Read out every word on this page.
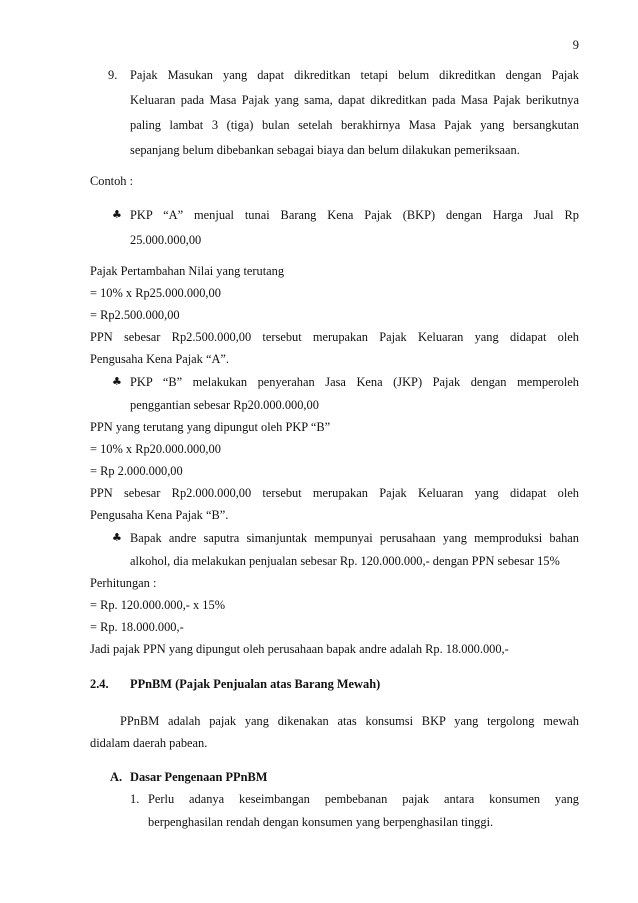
9
9. Pajak Masukan yang dapat dikreditkan tetapi belum dikreditkan dengan Pajak
Keluaran pada Masa Pajak yang sama, dapat dikreditkan pada Masa Pajak berikutnya
paling lambat 3 (tiga) bulan setelah berakhirnya Masa Pajak yang bersangkutan
sepanjang belum dibebankan sebagai biaya dan belum dilakukan pemeriksaan.
Contoh :
♣ PKP “A” menjual tunai Barang Kena Pajak (BKP) dengan Harga Jual Rp
25.000.000,00
Pajak Pertambahan Nilai yang terutang
= 10% x Rp25.000.000,00
= Rp2.500.000,00
PPN sebesar Rp2.500.000,00 tersebut merupakan Pajak Keluaran yang didapat oleh
Pengusaha Kena Pajak “A”.
♣ PKP “B” melakukan penyerahan Jasa Kena (JKP) Pajak dengan memperoleh
penggantian sebesar Rp20.000.000,00
PPN yang terutang yang dipungut oleh PKP “B”
= 10% x Rp20.000.000,00
= Rp 2.000.000,00
PPN sebesar Rp2.000.000,00 tersebut merupakan Pajak Keluaran yang didapat oleh
Pengusaha Kena Pajak “B”.
♣ Bapak andre saputra simanjuntak mempunyai perusahaan yang memproduksi bahan
alkohol, dia melakukan penjualan sebesar Rp. 120.000.000,- dengan PPN sebesar 15%
Perhitungan :
= Rp. 120.000.000,- x 15%
= Rp. 18.000.000,-
Jadi pajak PPN yang dipungut oleh perusahaan bapak andre adalah Rp. 18.000.000,-
2.4. PPnBM (Pajak Penjualan atas Barang Mewah)
PPnBM adalah pajak yang dikenakan atas konsumsi BKP yang tergolong mewah
didalam daerah pabean.
A. Dasar Pengenaan PPnBM
1. Perlu adanya keseimbangan pembebanan pajak antara konsumen yang
berpenghasilan rendah dengan konsumen yang berpenghasilan tinggi.
